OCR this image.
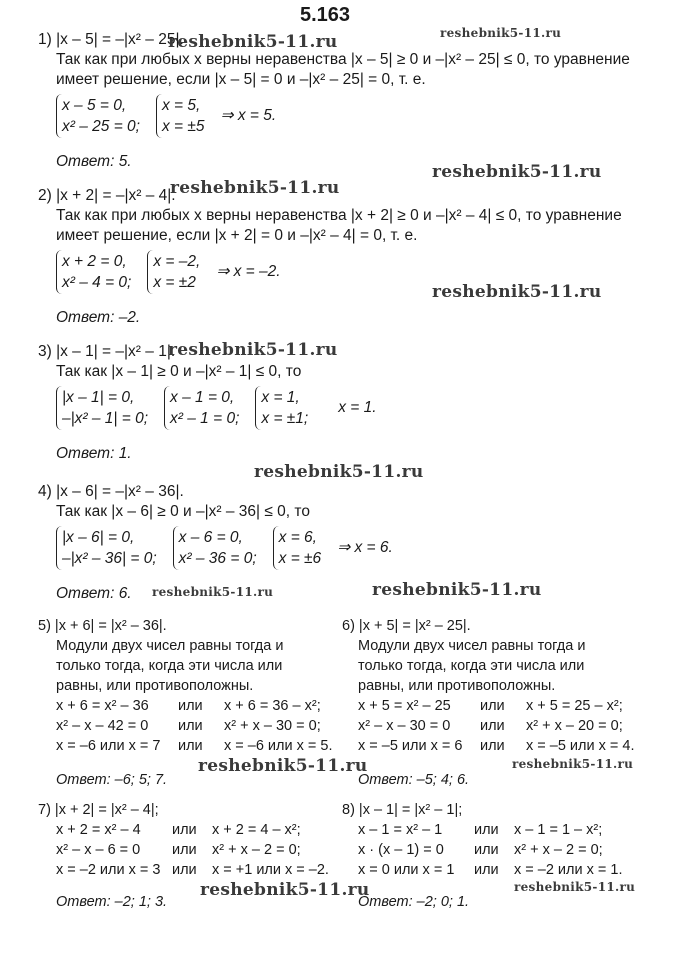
5.163
1) |x – 5| = –|x² – 25|.
Так как при любых x верны неравенства |x – 5| ≥ 0 и –|x² – 25| ≤ 0, то уравнение
имеет решение, если |x – 5| = 0 и –|x² – 25| = 0, т. е.
x – 5 = 0,
x² – 25 = 0;
x = 5,
x = ±5
⇒ x = 5.
Ответ: 5.
2) |x + 2| = –|x² – 4|.
Так как при любых x верны неравенства |x + 2| ≥ 0 и –|x² – 4| ≤ 0, то уравнение
имеет решение, если |x + 2| = 0 и –|x² – 4| = 0, т. е.
x + 2 = 0,
x² – 4 = 0;
x = –2,
x = ±2
⇒ x = –2.
Ответ: –2.
3) |x – 1| = –|x² – 1|.
Так как |x – 1| ≥ 0 и –|x² – 1| ≤ 0, то
|x – 1| = 0,
–|x² – 1| = 0;
x – 1 = 0,
x² – 1 = 0;
x = 1,
x = ±1;
x = 1.
Ответ: 1.
4) |x – 6| = –|x² – 36|.
Так как |x – 6| ≥ 0 и –|x² – 36| ≤ 0, то
|x – 6| = 0,
–|x² – 36| = 0;
x – 6 = 0,
x² – 36 = 0;
x = 6,
x = ±6
⇒ x = 6.
Ответ: 6.
5) |x + 6| = |x² – 36|.
Модули двух чисел равны тогда и
только тогда, когда эти числа или
равны, или противоположны.
x + 6 = x² – 36	или	x + 6 = 36 – x²;
x² – x – 42 = 0	или	x² + x – 30 = 0;
x = –6 или x = 7	или	x = –6 или x = 5.
Ответ: –6; 5; 7.
6) |x + 5| = |x² – 25|.
Модули двух чисел равны тогда и
только тогда, когда эти числа или
равны, или противоположны.
x + 5 = x² – 25	или	x + 5 = 25 – x²;
x² – x – 30 = 0	или	x² + x – 20 = 0;
x = –5 или x = 6	или	x = –5 или x = 4.
Ответ: –5; 4; 6.
7) |x + 2| = |x² – 4|;
x + 2 = x² – 4	или	x + 2 = 4 – x²;
x² – x – 6 = 0	или	x² + x – 2 = 0;
x = –2 или x = 3 или	x = +1 или x = –2.
Ответ: –2; 1; 3.
8) |x – 1| = |x² – 1|;
x – 1 = x² – 1	или	x – 1 = 1 – x²;
x · (x – 1) = 0	или	x² + x – 2 = 0;
x = 0 или x = 1	или	x = –2 или x = 1.
Ответ: –2; 0; 1.
reshebnik5-11.ru	reshebnik5-11.ru
reshebnik5-11.ru
reshebnik5-11.ru
reshebnik5-11.ru
reshebnik5-11.ru
reshebnik5-11.ru
reshebnik5-11.ru	reshebnik5-11.ru
reshebnik5-11.ru	reshebnik5-11.ru
reshebnik5-11.ru	reshebnik5-11.ru
